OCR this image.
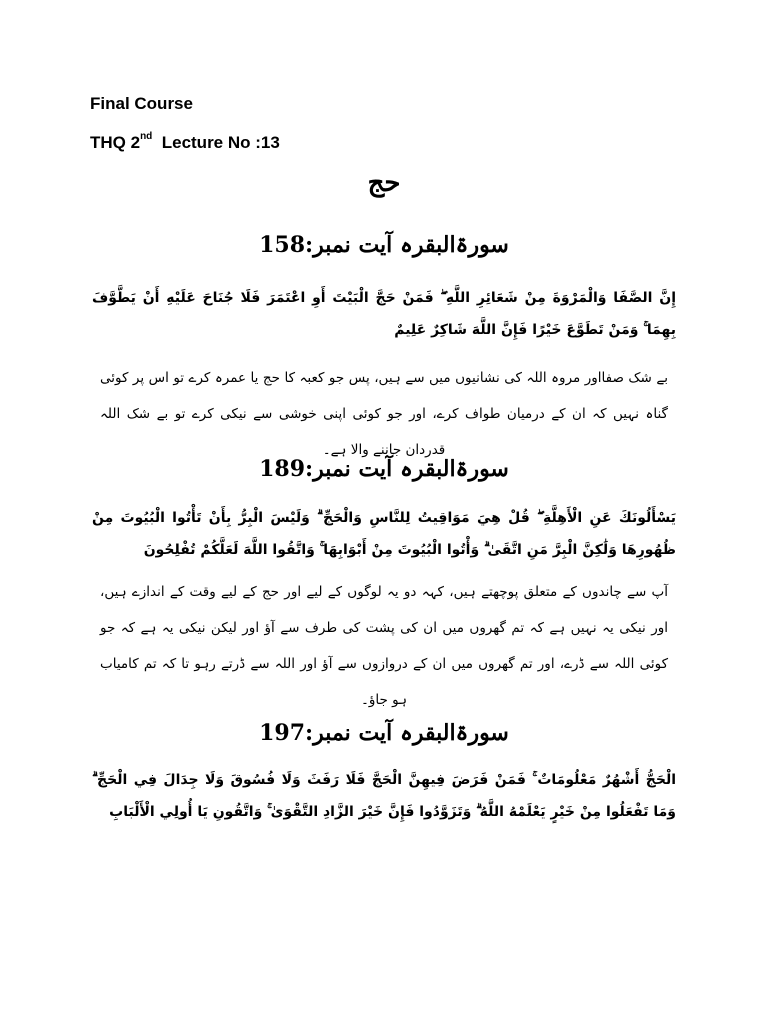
Final Course
THQ 2nd  Lecture No :13
حج
سورۃالبقرہ آیت نمبر:158
إِنَّ الصَّفَا وَالْمَرْوَةَ مِنْ شَعَائِرِ اللَّهِ ۖ فَمَنْ حَجَّ الْبَيْتَ أَوِ اعْتَمَرَ فَلَا جُنَاحَ عَلَيْهِ أَنْ يَطَّوَّفَ بِهِمَا ۚ وَمَنْ تَطَوَّعَ خَيْرًا فَإِنَّ اللَّهَ شَاكِرٌ عَلِيمٌ
بے شک صفااور مروہ اللہ کی نشانیوں میں سے ہیں، پس جو کعبہ کا حج یا عمرہ کرے تو اس پر کوئی گناہ نہیں کہ ان کے درمیان طواف کرے، اور جو کوئی اپنی خوشی سے نیکی کرے تو بے شک اللہ قدردان جاننے والا ہے۔
سورۃالبقرہ آیت نمبر:189
يَسْأَلُونَكَ عَنِ الْأَهِلَّةِ ۖ قُلْ هِيَ مَوَاقِيتُ لِلنَّاسِ وَالْحَجِّ ۗ وَلَيْسَ الْبِرُّ بِأَنْ تَأْتُوا الْبُيُوتَ مِنْ ظُهُورِهَا وَلَٰكِنَّ الْبِرَّ مَنِ اتَّقَىٰ ۗ وَأْتُوا الْبُيُوتَ مِنْ أَبْوَابِهَا ۚ وَاتَّقُوا اللَّهَ لَعَلَّكُمْ تُفْلِحُونَ
آپ سے چاندوں کے متعلق پوچھتے ہیں، کہہ دو یہ لوگوں کے لیے اور حج کے لیے وقت کے اندازے ہیں، اور نیکی یہ نہیں ہے کہ تم گھروں میں ان کی پشت کی طرف سے آؤ اور لیکن نیکی یہ ہے کہ جو کوئی اللہ سے ڈرے، اور تم گھروں میں ان کے دروازوں سے آؤ اور اللہ سے ڈرتے رہو تا کہ تم کامیاب ہو جاؤ۔
سورۃالبقرہ آیت نمبر:197
الْحَجُّ أَشْهُرٌ مَعْلُومَاتٌ ۚ فَمَنْ فَرَضَ فِيهِنَّ الْحَجَّ فَلَا رَفَثَ وَلَا فُسُوقَ وَلَا جِدَالَ فِي الْحَجِّ ۗ وَمَا تَفْعَلُوا مِنْ خَيْرٍ يَعْلَمْهُ اللَّهُ ۗ وَتَزَوَّدُوا فَإِنَّ خَيْرَ الزَّادِ التَّقْوَىٰ ۚ وَاتَّقُونِ يَا أُولِي الْأَلْبَابِ
